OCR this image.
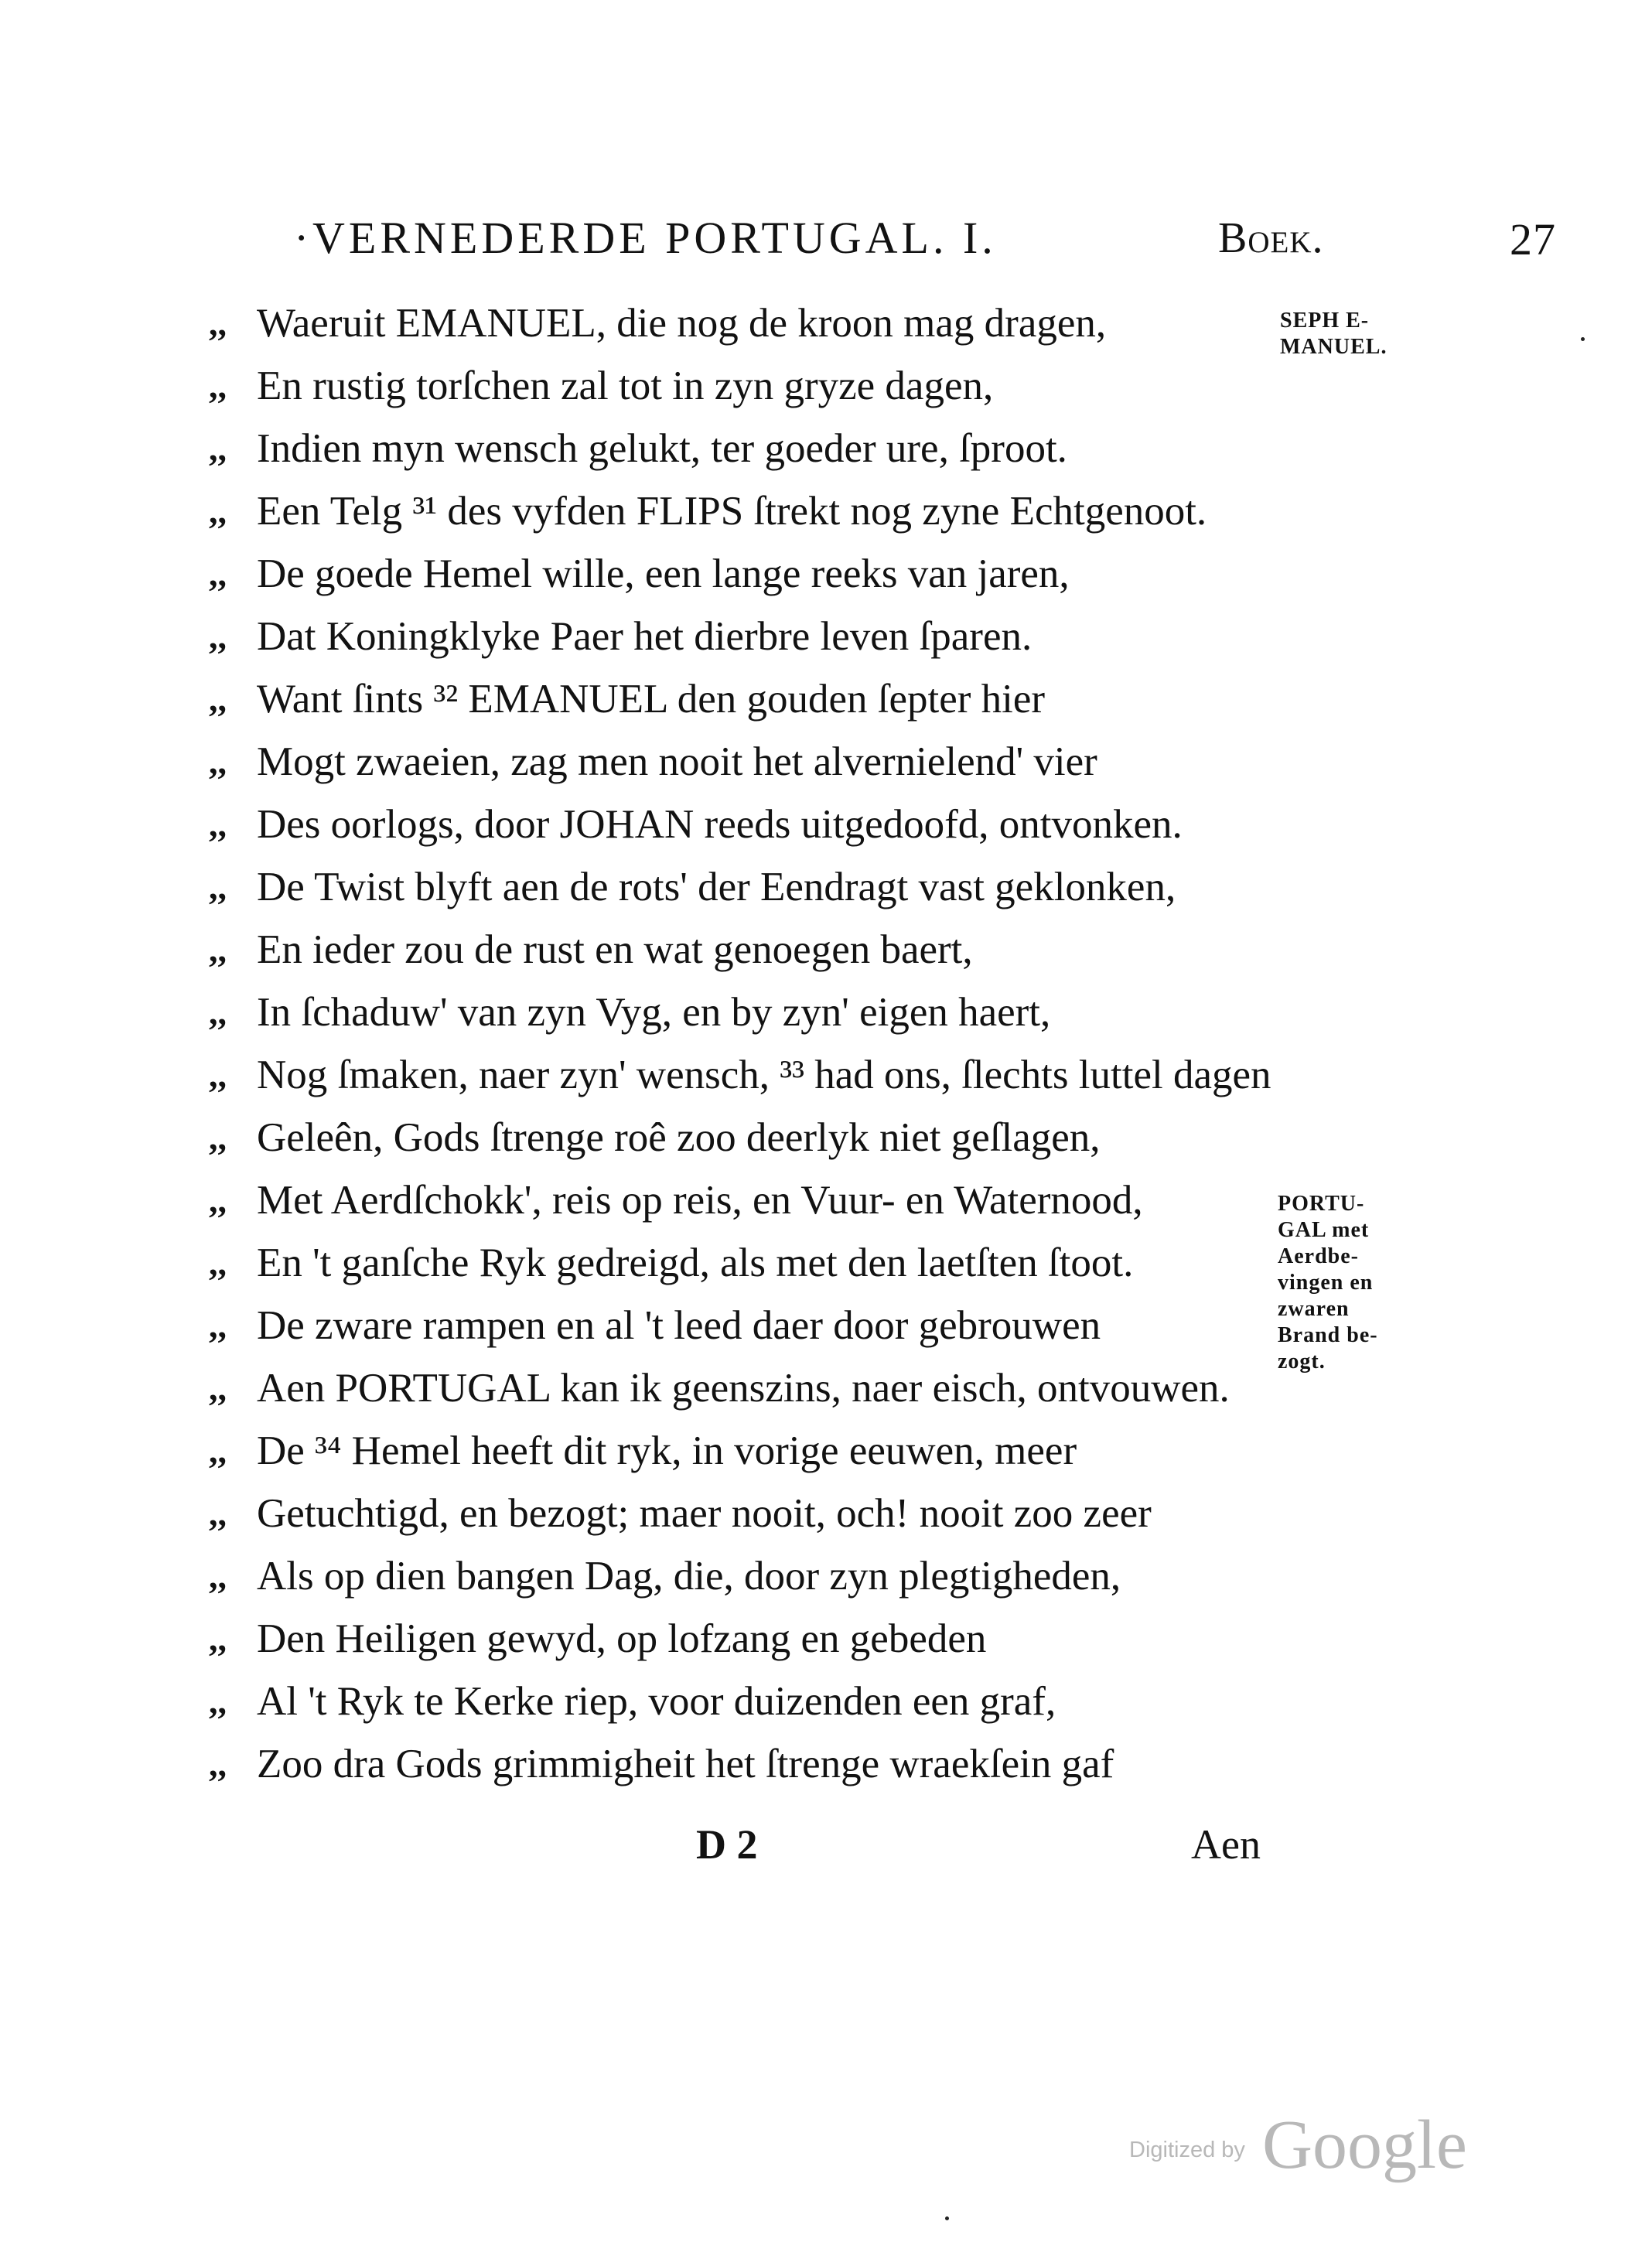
· VERNEDERDE PORTUGAL. I.	Boek.	27
,, Waeruit EMANUEL, die nog de kroon mag dragen,
,, En rustig torſchen zal tot in zyn gryze dagen,
,, Indien myn wensch gelukt, ter goeder ure, ſproot.
,, Een Telg ³¹ des vyfden FLIPS ſtrekt nog zyne Echtgenoot.
,, De goede Hemel wille, een lange reeks van jaren,
,, Dat Koningklyke Paer het dierbre leven ſparen.
,, Want ſints ³² EMANUEL den gouden ſepter hier
,, Mogt zwaeien, zag men nooit het alvernielend' vier
,, Des oorlogs, door JOHAN reeds uitgedoofd, ontvonken.
,, De Twist blyft aen de rots' der Eendragt vast geklonken,
,, En ieder zou de rust en wat genoegen baert,
,, In ſchaduw' van zyn Vyg, en by zyn' eigen haert,
,, Nog ſmaken, naer zyn' wensch, ³³ had ons, ſlechts luttel dagen
,, Geleên, Gods ſtrenge roê zoo deerlyk niet geſlagen,
,, Met Aerdſchokk', reis op reis, en Vuur- en Waternood,
,, En 't ganſche Ryk gedreigd, als met den laetſten ſtoot.
,, De zware rampen en al 't leed daer door gebrouwen
,, Aen PORTUGAL kan ik geenszins, naer eisch, ontvouwen.
,, De ³⁴ Hemel heeft dit ryk, in vorige eeuwen, meer
,, Getuchtigd, en bezogt; maer nooit, och! nooit zoo zeer
,, Als op dien bangen Dag, die, door zyn plegtigheden,
,, Den Heiligen gewyd, op lofzang en gebeden
,, Al 't Ryk te Kerke riep, voor duizenden een graf,
,, Zoo dra Gods grimmigheit het ſtrenge wraekſein gaf
SEPH E-
MANUEL.
PORTU-
GAL met
Aerdbe-
vingen en
zwaren
Brand be-
zogt.
D 2	Aen
Digitized by Google
